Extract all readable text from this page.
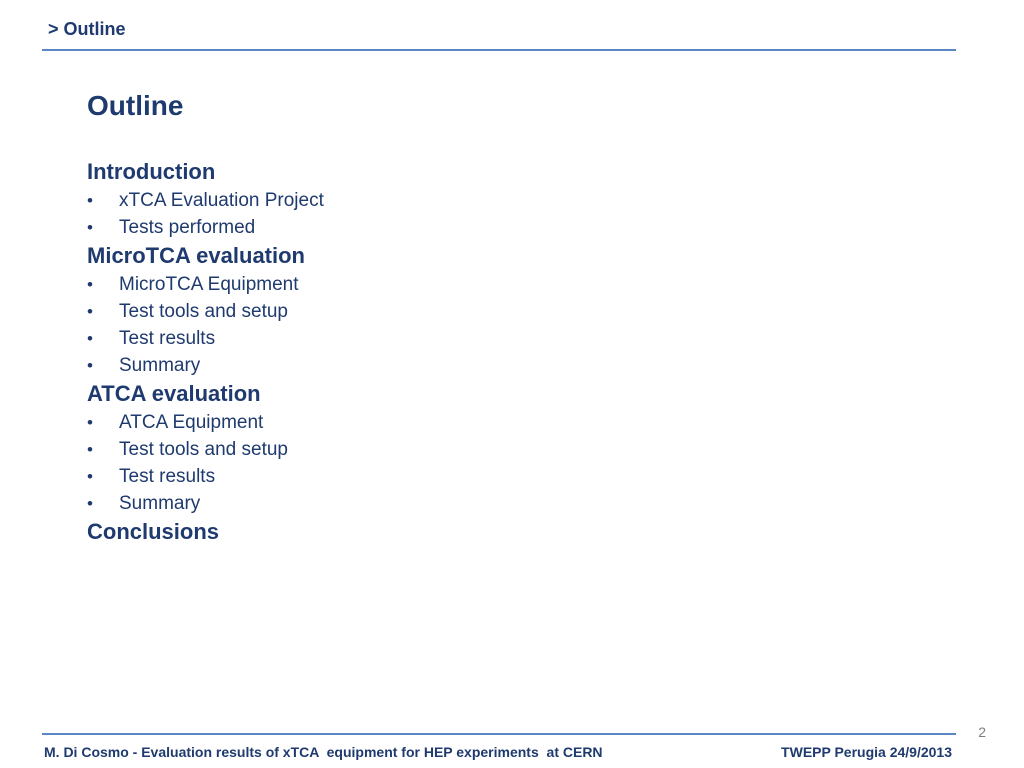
> Outline
Outline
Introduction
•	xTCA Evaluation Project
•	Tests performed
MicroTCA evaluation
•	MicroTCA Equipment
•	Test tools and setup
•	Test results
•	Summary
ATCA evaluation
•	ATCA Equipment
•	Test tools and setup
•	Test results
•	Summary
Conclusions
2
M. Di Cosmo - Evaluation results of xTCA  equipment for HEP experiments  at CERN	TWEPP Perugia 24/9/2013
